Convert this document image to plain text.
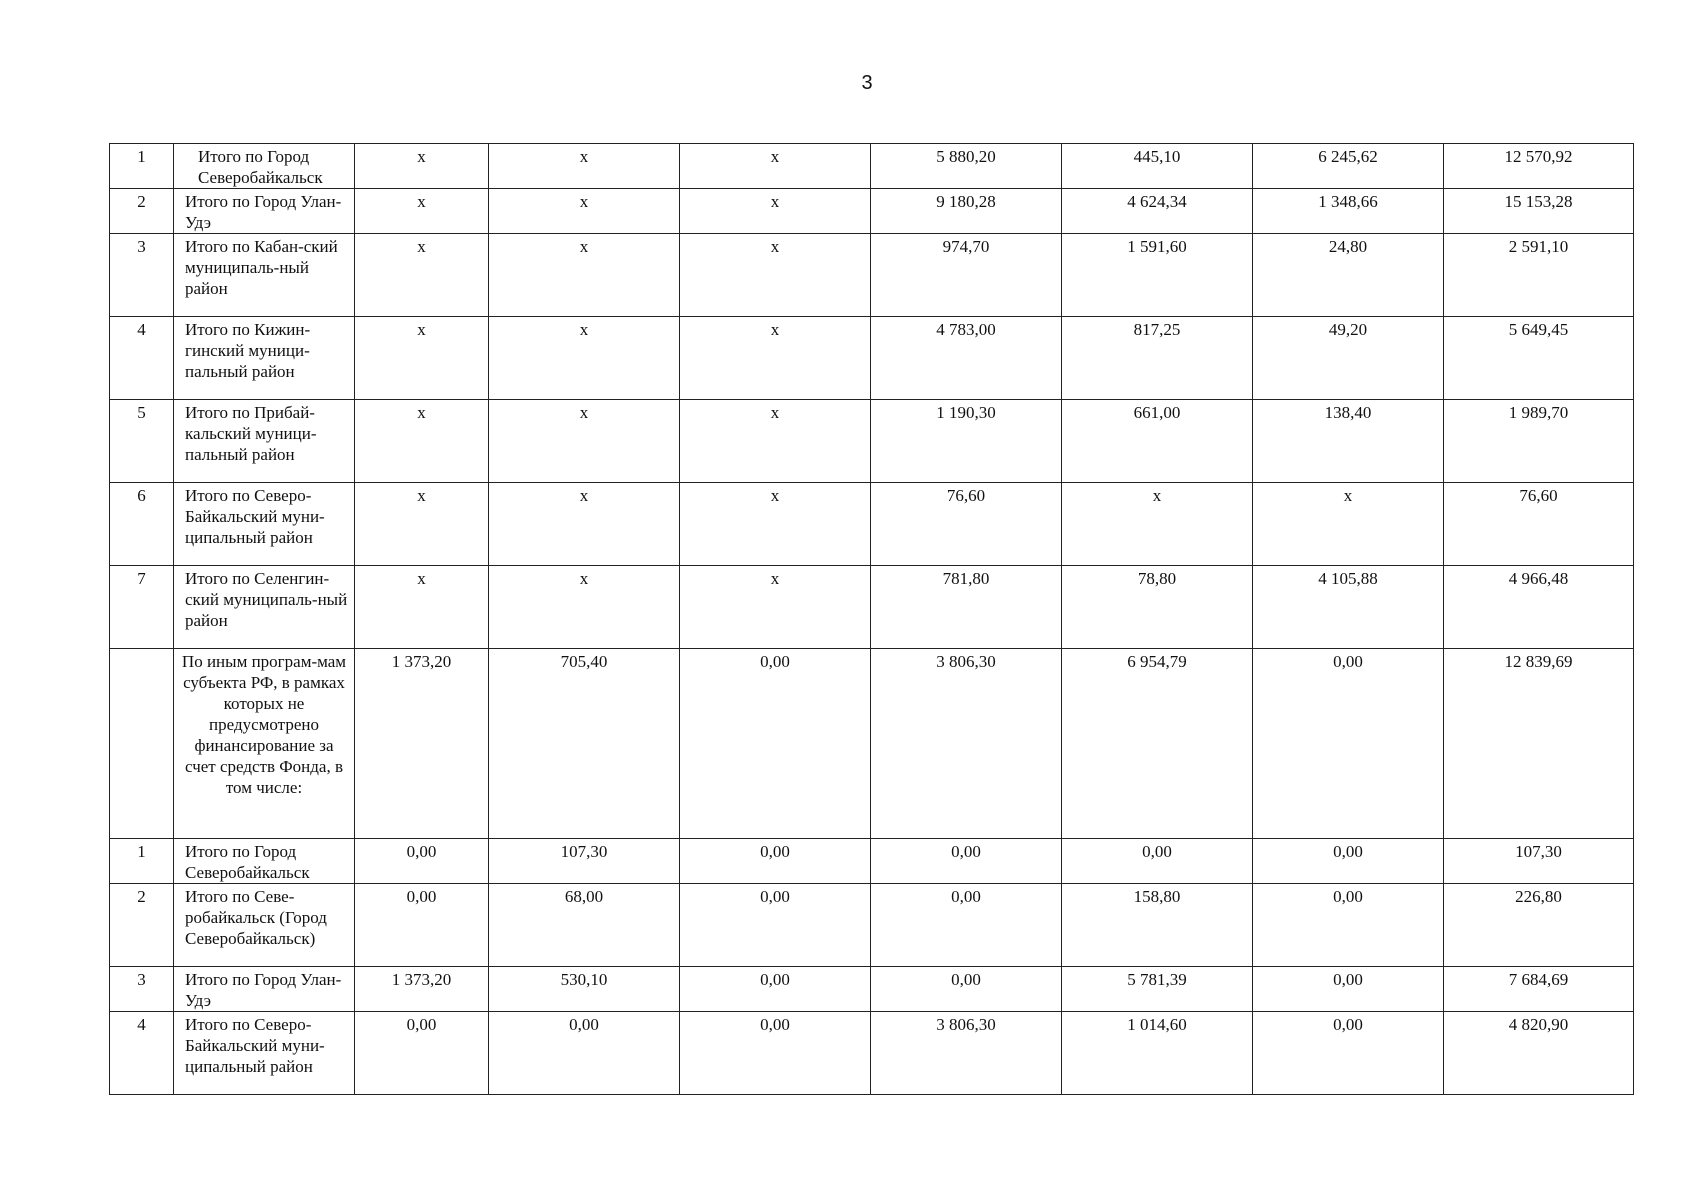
3
1	Итого по Город Северобайкальск	х	х	х	5 880,20	445,10	6 245,62	12 570,92
2	Итого по Город Улан-Удэ	х	х	х	9 180,28	4 624,34	1 348,66	15 153,28
3	Итого по Кабан-ский муниципаль-ный район	х	х	х	974,70	1 591,60	24,80	2 591,10
4	Итого по Кижин-гинский муници-пальный район	х	х	х	4 783,00	817,25	49,20	5 649,45
5	Итого по Прибай-кальский муници-пальный район	х	х	х	1 190,30	661,00	138,40	1 989,70
6	Итого по Северо-Байкальский муни-ципальный район	х	х	х	76,60	х	х	76,60
7	Итого по Селенгин-ский муниципаль-ный район	х	х	х	781,80	78,80	4 105,88	4 966,48
	По иным програм-мам субъекта РФ, в рамках которых не предусмотрено финансирование за счет средств Фонда, в том числе:	1 373,20	705,40	0,00	3 806,30	6 954,79	0,00	12 839,69
1	Итого по Город Северобайкальск	0,00	107,30	0,00	0,00	0,00	0,00	107,30
2	Итого по Севе-робайкальск (Город Северобайкальск)	0,00	68,00	0,00	0,00	158,80	0,00	226,80
3	Итого по Город Улан-Удэ	1 373,20	530,10	0,00	0,00	5 781,39	0,00	7 684,69
4	Итого по Северо-Байкальский муни-ципальный район	0,00	0,00	0,00	3 806,30	1 014,60	0,00	4 820,90
